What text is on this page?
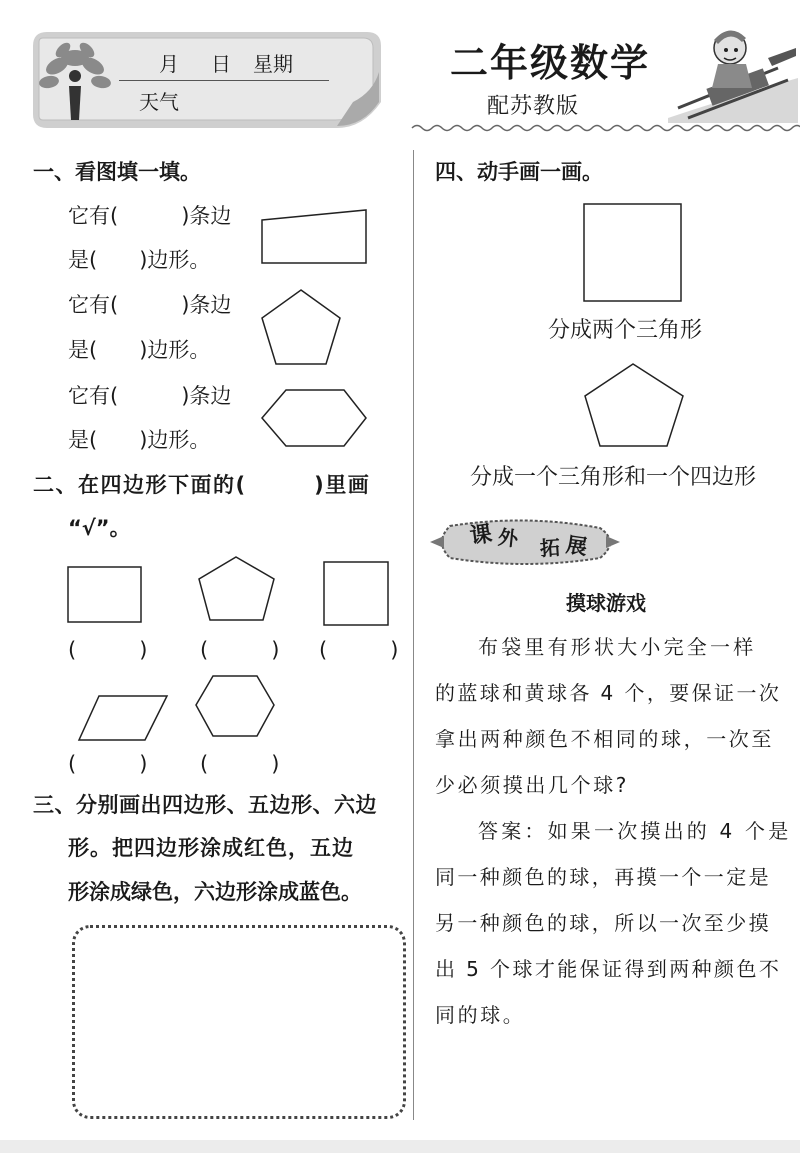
月 日 星期
天气
二年级数学
配苏教版
一、看图填一填。
它有(　　　)条边
是(　　)边形。
它有(　　　)条边
是(　　)边形。
它有(　　　)条边
是(　　)边形。
二、在四边形下面的(　　　)里画
“√”。
(　　　)	(　　　) (　　　)
(　　　)	(　　　)
三、分别画出四边形、五边形、六边
形。把四边形涂成红色，五边
形涂成绿色，六边形涂成蓝色。
四、动手画一画。
分成两个三角形
分成一个三角形和一个四边形
课 外 拓 展
摸球游戏
布袋里有形状大小完全一样
的蓝球和黄球各 4 个，要保证一次
拿出两种颜色不相同的球，一次至
少必须摸出几个球?
答案：如果一次摸出的 4 个是
同一种颜色的球，再摸一个一定是
另一种颜色的球，所以一次至少摸
出 5 个球才能保证得到两种颜色不
同的球。
